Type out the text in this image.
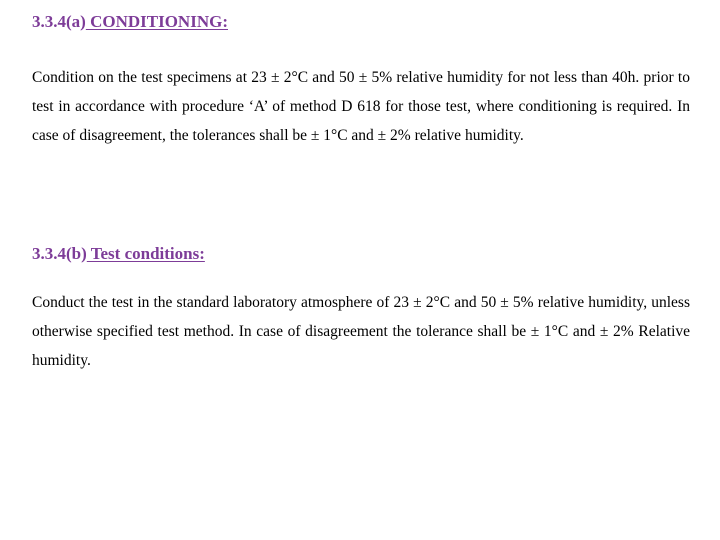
3.3.4(a) CONDITIONING:

Condition on the test specimens at 23 ± 2°C and 50 ± 5% relative humidity for not less than 40h. prior to test in accordance with procedure ‘A’ of method D 618 for those test, where conditioning is required. In case of disagreement, the tolerances shall be ± 1°C and ± 2% relative humidity.

3.3.4(b) Test conditions:

Conduct the test in the standard laboratory atmosphere of 23 ± 2°C and 50 ± 5% relative humidity, unless otherwise specified test method. In case of disagreement the tolerance shall be ± 1°C and ± 2% Relative humidity.
